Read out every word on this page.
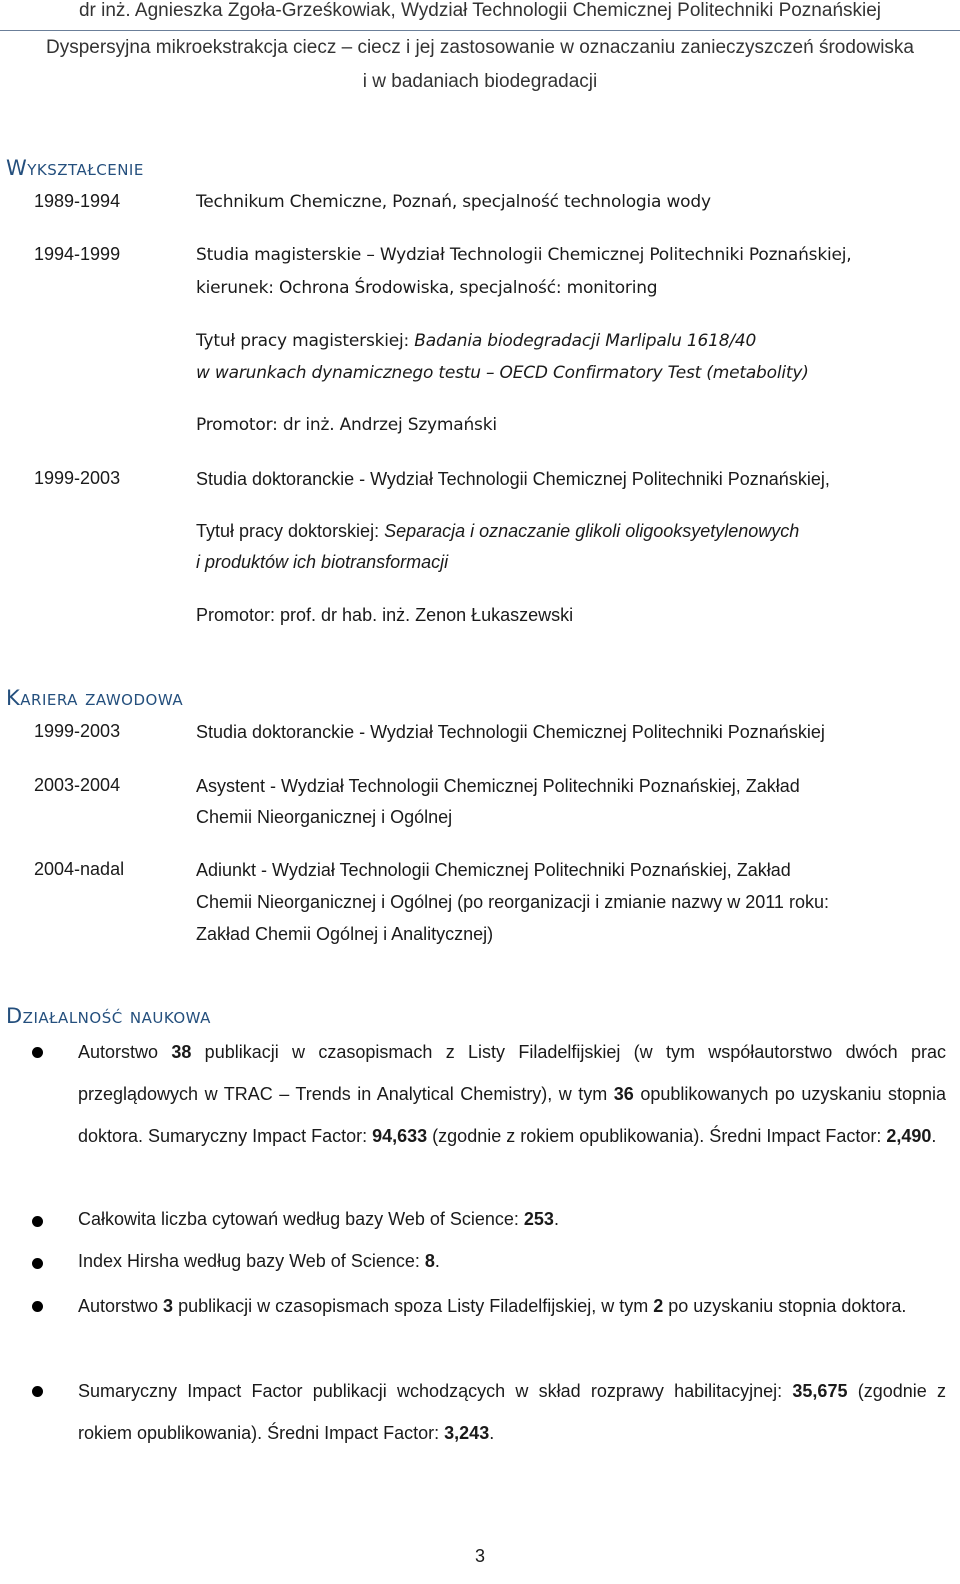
dr inż. Agnieszka Zgoła-Grześkowiak, Wydział Technologii Chemicznej Politechniki Poznańskiej
Dyspersyjna mikroekstrakcja ciecz – ciecz i jej zastosowanie w oznaczaniu zanieczyszczeń środowiska
i w badaniach biodegradacji
Wykształcenie
1989-1994	Technikum Chemiczne, Poznań, specjalność technologia wody
1994-1999	Studia magisterskie – Wydział Technologii Chemicznej Politechniki Poznańskiej,
kierunek: Ochrona Środowiska, specjalność: monitoring
Tytuł pracy magisterskiej: Badania biodegradacji Marlipalu 1618/40
w warunkach dynamicznego testu – OECD Confirmatory Test (metabolity)
Promotor: dr inż. Andrzej Szymański
1999-2003	Studia doktoranckie - Wydział Technologii Chemicznej Politechniki Poznańskiej,
Tytuł pracy doktorskiej: Separacja i oznaczanie glikoli oligooksyetylenowych
i produktów ich biotransformacji
Promotor: prof. dr hab. inż. Zenon Łukaszewski
Kariera zawodowa
1999-2003	Studia doktoranckie - Wydział Technologii Chemicznej Politechniki Poznańskiej
2003-2004	Asystent - Wydział Technologii Chemicznej Politechniki Poznańskiej, Zakład
Chemii Nieorganicznej i Ogólnej
2004-nadal	Adiunkt - Wydział Technologii Chemicznej Politechniki Poznańskiej, Zakład
Chemii Nieorganicznej i Ogólnej (po reorganizacji i zmianie nazwy w 2011 roku:
Zakład Chemii Ogólnej i Analitycznej)
Działalność naukowa
Autorstwo 38 publikacji w czasopismach z Listy Filadelfijskiej (w tym współautorstwo dwóch prac przeglądowych w TRAC – Trends in Analytical Chemistry), w tym 36 opublikowanych po uzyskaniu stopnia doktora. Sumaryczny Impact Factor: 94,633 (zgodnie z rokiem opublikowania). Średni Impact Factor: 2,490.
Całkowita liczba cytowań według bazy Web of Science: 253.
Index Hirsha według bazy Web of Science: 8.
Autorstwo 3 publikacji w czasopismach spoza Listy Filadelfijskiej, w tym 2 po uzyskaniu stopnia doktora.
Sumaryczny Impact Factor publikacji wchodzących w skład rozprawy habilitacyjnej: 35,675 (zgodnie z rokiem opublikowania). Średni Impact Factor: 3,243.
3
